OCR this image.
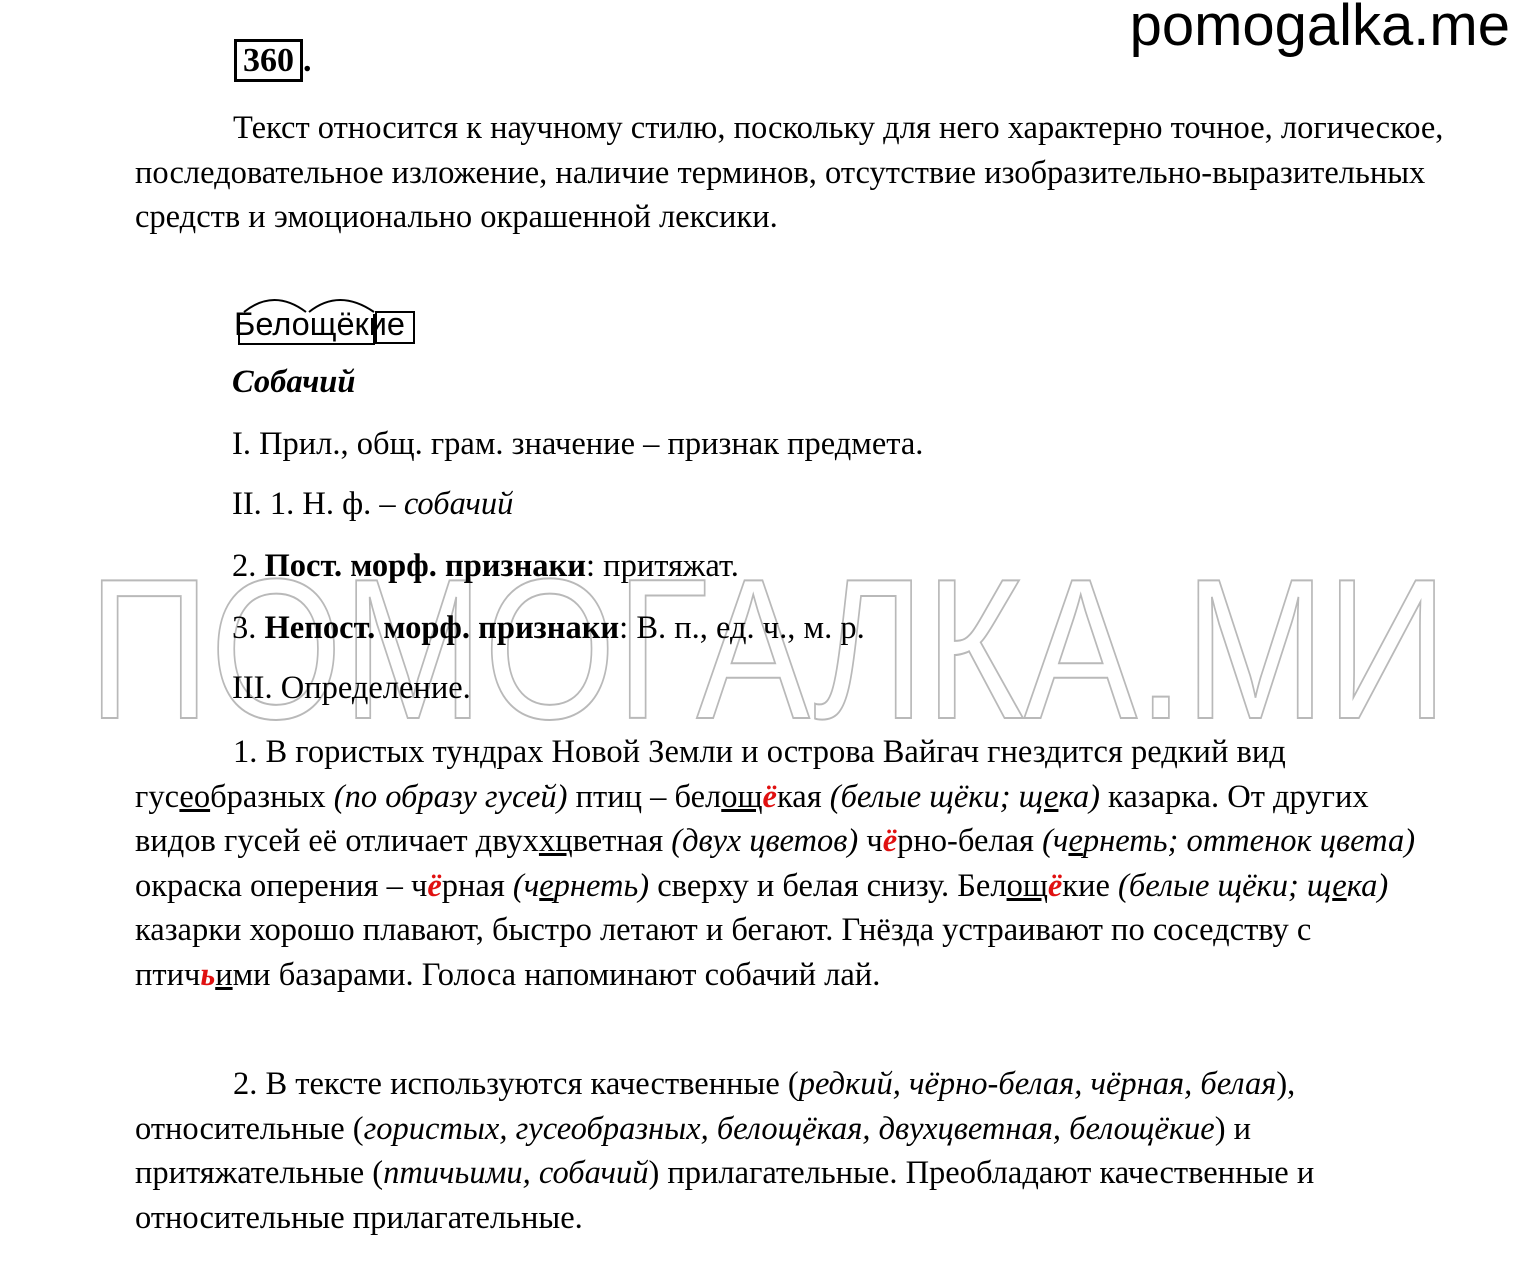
pomogalka.me
ПОМОГАЛКА.МИ
360 .
Текст относится к научному стилю, поскольку для него характерно точное, логическое, последовательное изложение, наличие терминов, отсутствие изобразительно-выразительных средств и эмоционально окрашенной лексики.
Белощёкие
Собачий
I. Прил., общ. грам. значение – признак предмета.
II. 1. Н. ф. – собачий
2. Пост. морф. признаки: притяжат.
3. Непост. морф. признаки: В. п., ед. ч., м. р.
III. Определение.
1. В гористых тундрах Новой Земли и острова Вайгач гнездится редкий вид гусеобразных (по образу гусей) птиц – белощёкая (белые щёки; щека) казарка. От других видов гусей её отличает двуххцветная (двух цветов) чёрно-белая (чернеть; оттенок цвета) окраска оперения – чёрная (чернеть) сверху и белая снизу. Белощёкие (белые щёки; щека) казарки хорошо плавают, быстро летают и бегают. Гнёзда устраивают по соседству с птичьими базарами. Голоса напоминают собачий лай.
2. В тексте используются качественные (редкий, чёрно-белая, чёрная, белая), относительные (гористых, гусеобразных, белощёкая, двухцветная, белощёкие) и притяжательные (птичьими, собачий) прилагательные. Преобладают качественные и относительные прилагательные.
